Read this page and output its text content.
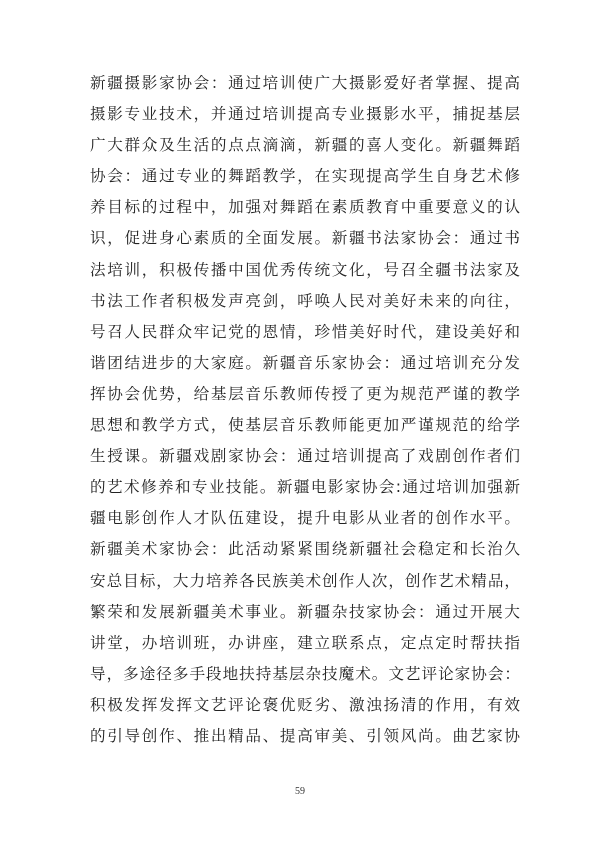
新疆摄影家协会：通过培训使广大摄影爱好者掌握、提高
摄影专业技术，并通过培训提高专业摄影水平，捕捉基层
广大群众及生活的点点滴滴，新疆的喜人变化。新疆舞蹈
协会：通过专业的舞蹈教学，在实现提高学生自身艺术修
养目标的过程中，加强对舞蹈在素质教育中重要意义的认
识，促进身心素质的全面发展。新疆书法家协会：通过书
法培训，积极传播中国优秀传统文化，号召全疆书法家及
书法工作者积极发声亮剑，呼唤人民对美好未来的向往，
号召人民群众牢记党的恩情，珍惜美好时代，建设美好和
谐团结进步的大家庭。新疆音乐家协会：通过培训充分发
挥协会优势，给基层音乐教师传授了更为规范严谨的教学
思想和教学方式，使基层音乐教师能更加严谨规范的给学
生授课。新疆戏剧家协会：通过培训提高了戏剧创作者们
的艺术修养和专业技能。新疆电影家协会:通过培训加强新
疆电影创作人才队伍建设，提升电影从业者的创作水平。
新疆美术家协会：此活动紧紧围绕新疆社会稳定和长治久
安总目标，大力培养各民族美术创作人次，创作艺术精品，
繁荣和发展新疆美术事业。新疆杂技家协会：通过开展大
讲堂，办培训班，办讲座，建立联系点，定点定时帮扶指
导，多途径多手段地扶持基层杂技魔术。文艺评论家协会：
积极发挥发挥文艺评论褒优贬劣、激浊扬清的作用，有效
的引导创作、推出精品、提高审美、引领风尚。曲艺家协
59
